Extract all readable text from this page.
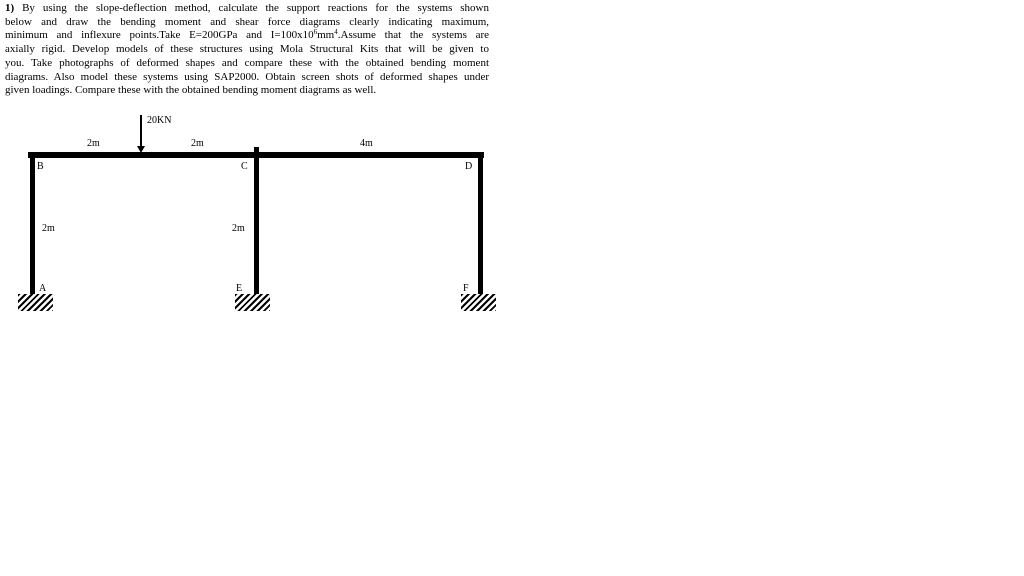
1) By using the slope-deflection method, calculate the support reactions for the systems shown
below and draw the bending moment and shear force diagrams clearly indicating maximum,
minimum and inflexure points.Take E=200GPa and $I=100x10^6mm^4.Assume$ that the systems are
axially rigid. Develop models of these structures using Mola Structural Kits that will be given to
you. Take photographs of deformed shapes and compare these with the obtained bending moment
diagrams. Also model these systems using SAP2000. Obtain screen shots of deformed shapes under
given loadings. Compare these with the obtained bending moment diagrams as well.
20KN
2m	2m	4m
2m	2m
B	C	D
A	E	F
